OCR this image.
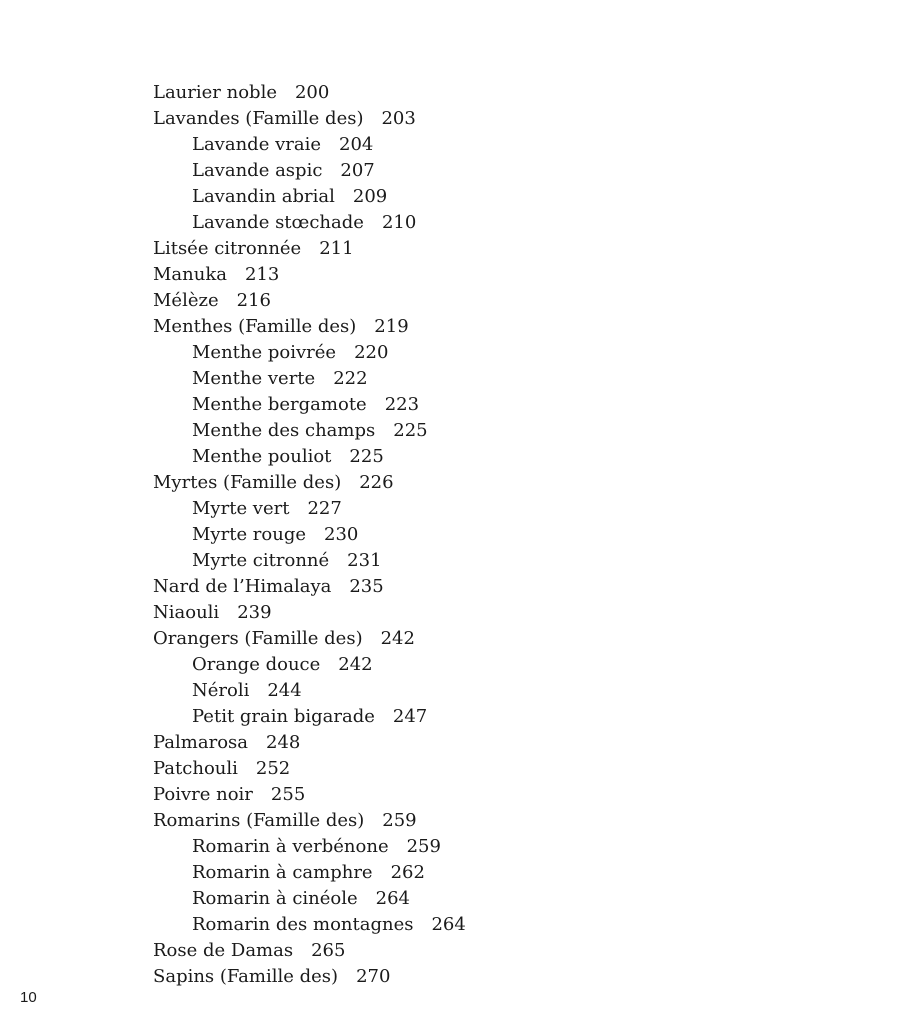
Laurier noble 200
Lavandes (Famille des) 203
Lavande vraie 204
Lavande aspic 207
Lavandin abrial 209
Lavande stœchade 210
Litsée citronnée 211
Manuka 213
Mélèze 216
Menthes (Famille des) 219
Menthe poivrée 220
Menthe verte 222
Menthe bergamote 223
Menthe des champs 225
Menthe pouliot 225
Myrtes (Famille des) 226
Myrte vert 227
Myrte rouge 230
Myrte citronné 231
Nard de l’Himalaya 235
Niaouli 239
Orangers (Famille des) 242
Orange douce 242
Néroli 244
Petit grain bigarade 247
Palmarosa 248
Patchouli 252
Poivre noir 255
Romarins (Famille des) 259
Romarin à verbénone 259
Romarin à camphre 262
Romarin à cinéole 264
Romarin des montagnes 264
Rose de Damas 265
Sapins (Famille des) 270
10
